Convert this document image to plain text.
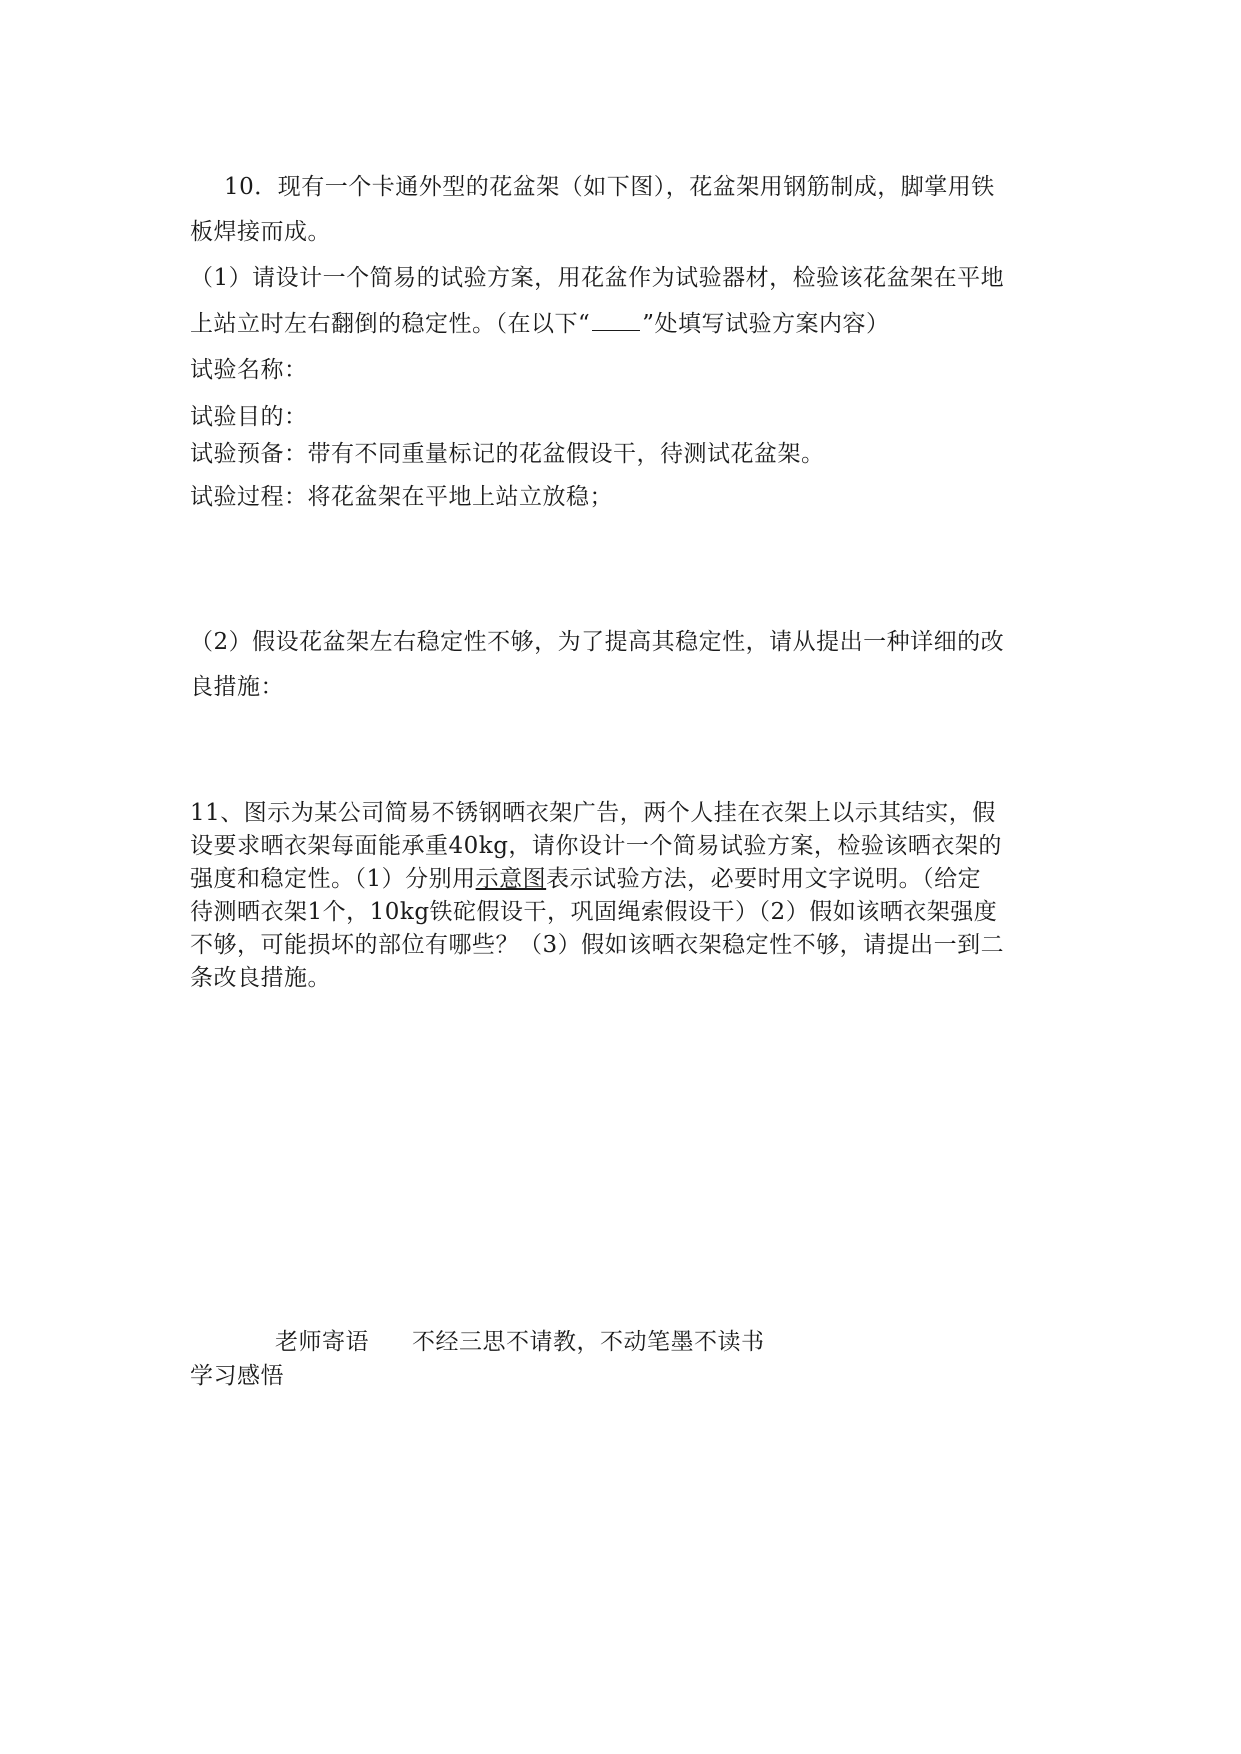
10．现有一个卡通外型的花盆架（如下图），花盆架用钢筋制成，脚掌用铁
板焊接而成。
（1）请设计一个简易的试验方案，用花盆作为试验器材，检验该花盆架在平地
上站立时左右翻倒的稳定性。（在以下“ ”处填写试验方案内容）
试验名称：
试验目的：
试验预备：带有不同重量标记的花盆假设干，待测试花盆架。
试验过程：将花盆架在平地上站立放稳；
（2）假设花盆架左右稳定性不够，为了提高其稳定性，请从提出一种详细的改
良措施：
11、图示为某公司简易不锈钢晒衣架广告，两个人挂在衣架上以示其结实，假
设要求晒衣架每面能承重40kg，请你设计一个简易试验方案，检验该晒衣架的
强度和稳定性。（1）分别用示意图表示试验方法，必要时用文字说明。（给定
待测晒衣架1个，10kg铁砣假设干，巩固绳索假设干）（2）假如该晒衣架强度
不够，可能损坏的部位有哪些？（3）假如该晒衣架稳定性不够，请提出一到二
条改良措施。
老师寄语 不经三思不请教，不动笔墨不读书
学习感悟
